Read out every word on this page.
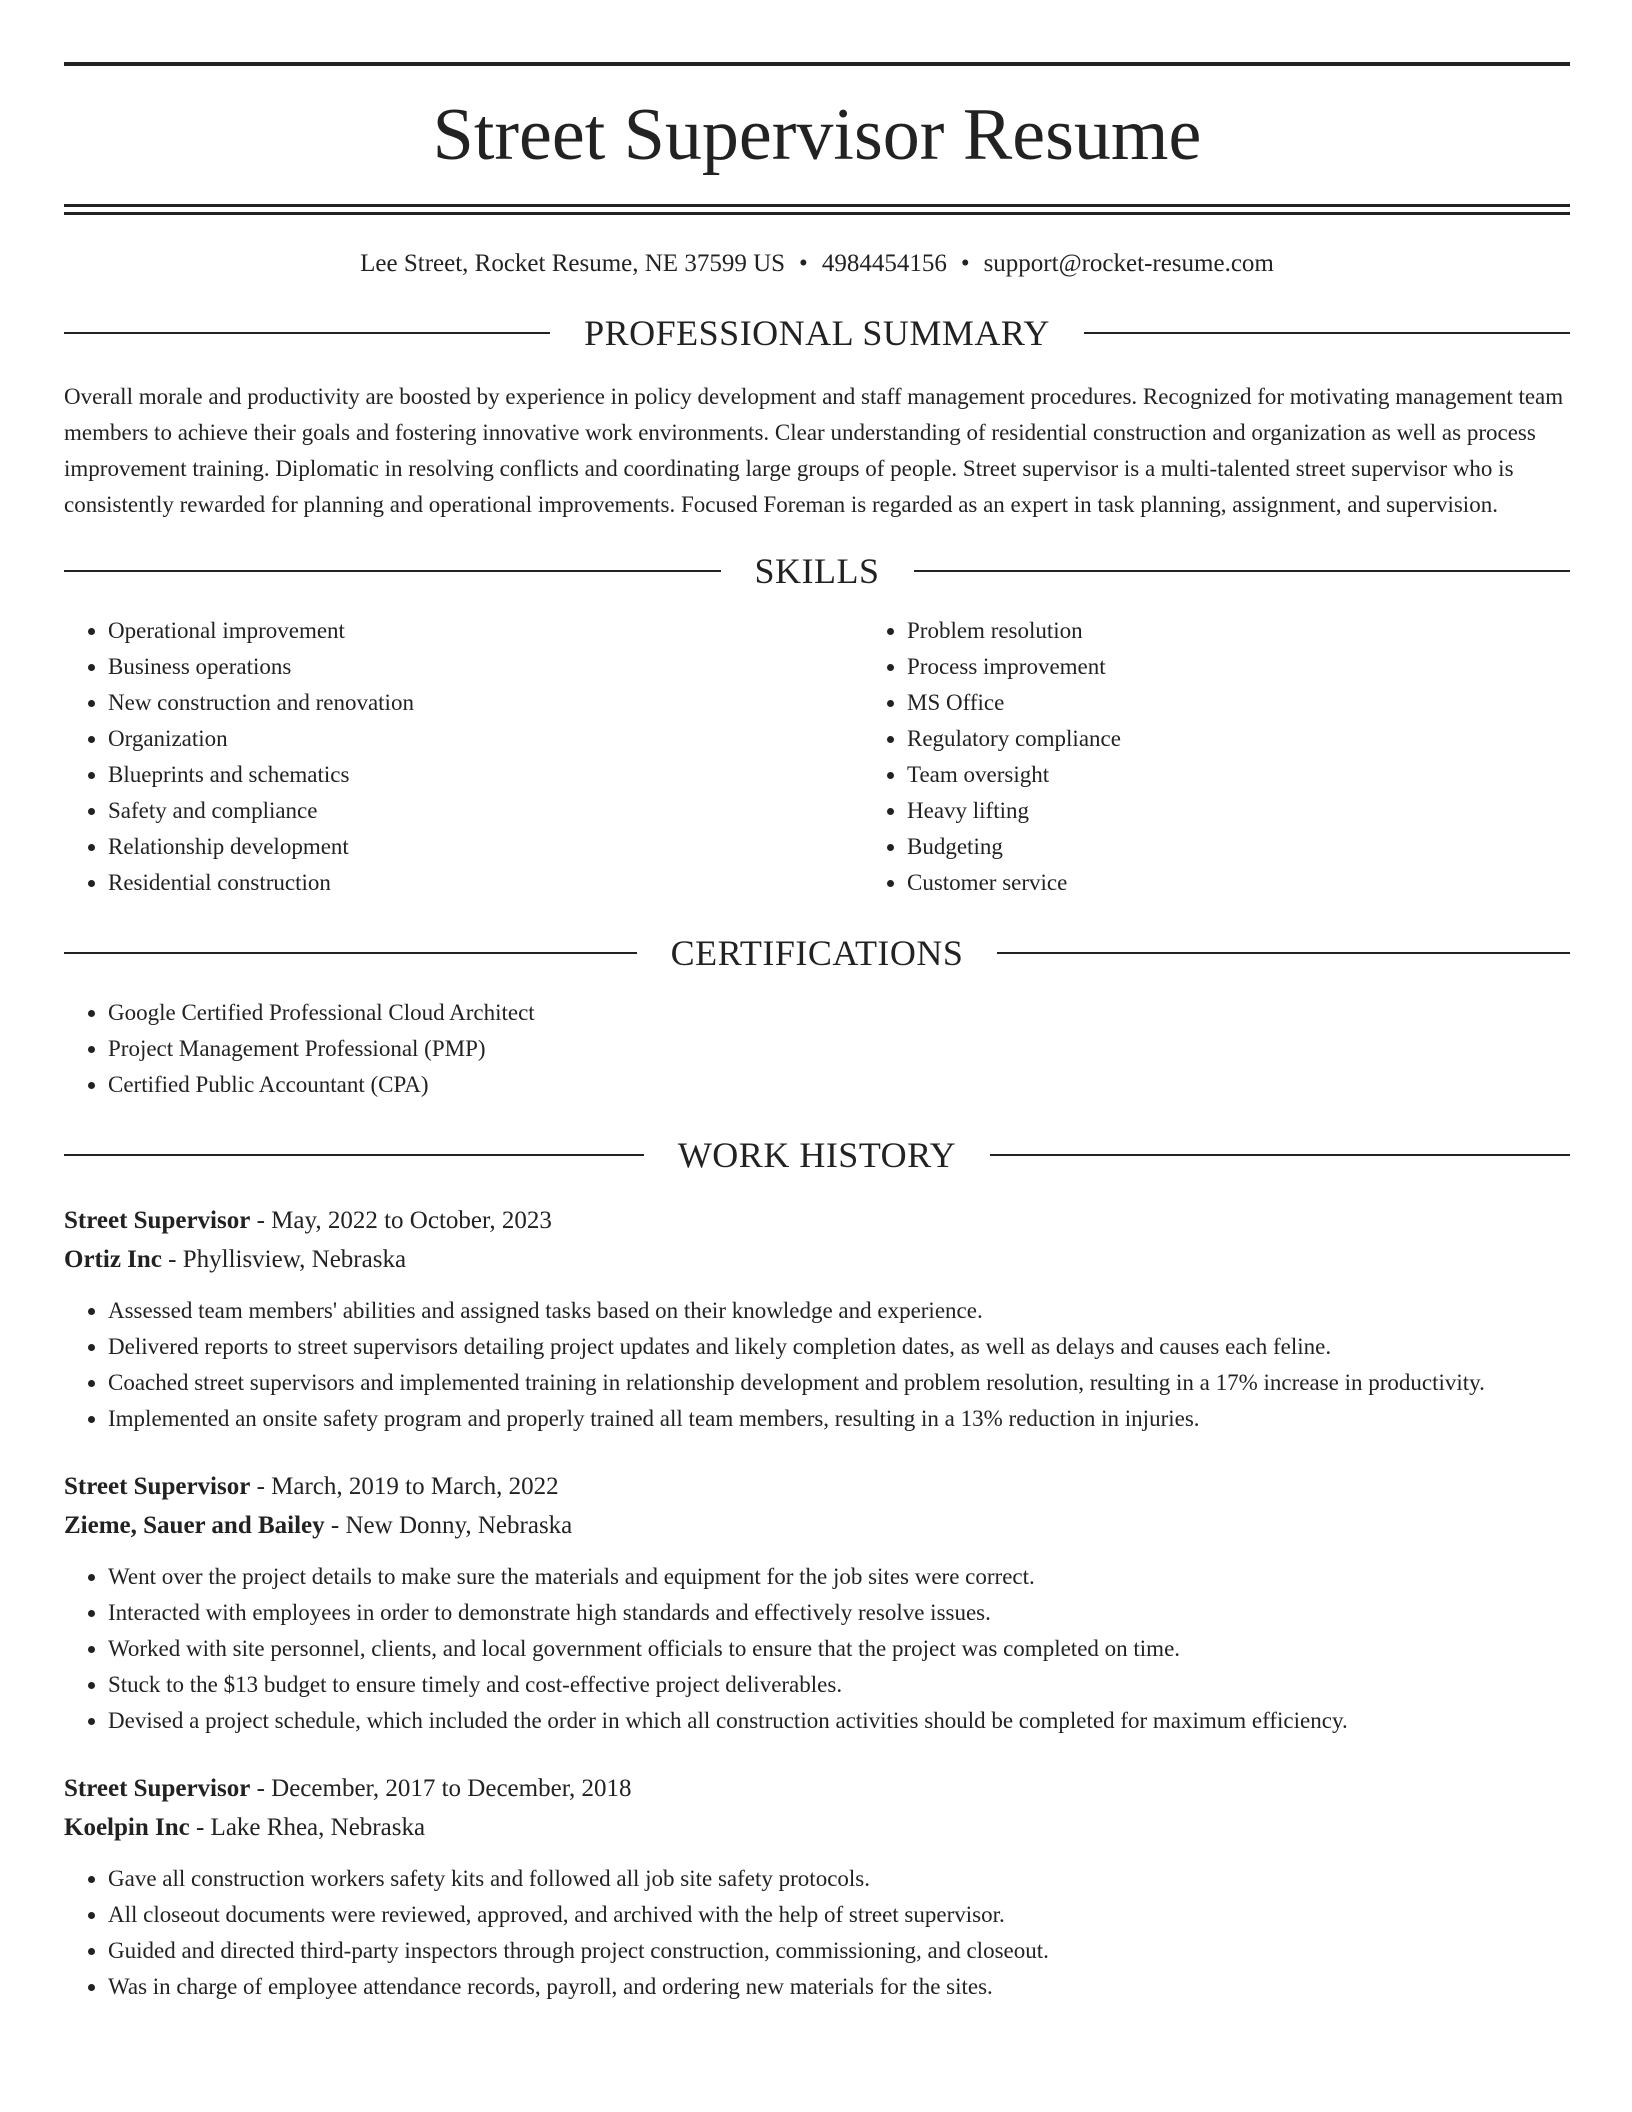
Street Supervisor Resume
Lee Street, Rocket Resume, NE 37599 US • 4984454156 • support@rocket-resume.com
PROFESSIONAL SUMMARY

Overall morale and productivity are boosted by experience in policy development and staff management procedures. Recognized for motivating management team members to achieve their goals and fostering innovative work environments. Clear understanding of residential construction and organization as well as process improvement training. Diplomatic in resolving conflicts and coordinating large groups of people. Street supervisor is a multi-talented street supervisor who is consistently rewarded for planning and operational improvements. Focused Foreman is regarded as an expert in task planning, assignment, and supervision.

SKILLS
• Operational improvement
• Business operations
• New construction and renovation
• Organization
• Blueprints and schematics
• Safety and compliance
• Relationship development
• Residential construction
• Problem resolution
• Process improvement
• MS Office
• Regulatory compliance
• Team oversight
• Heavy lifting
• Budgeting
• Customer service
CERTIFICATIONS
• Google Certified Professional Cloud Architect
• Project Management Professional (PMP)
• Certified Public Accountant (CPA)
WORK HISTORY
Street Supervisor - May, 2022 to October, 2023
Ortiz Inc - Phyllisview, Nebraska
• Assessed team members' abilities and assigned tasks based on their knowledge and experience.
• Delivered reports to street supervisors detailing project updates and likely completion dates, as well as delays and causes each feline.
• Coached street supervisors and implemented training in relationship development and problem resolution, resulting in a 17% increase in productivity.
• Implemented an onsite safety program and properly trained all team members, resulting in a 13% reduction in injuries.
Street Supervisor - March, 2019 to March, 2022
Zieme, Sauer and Bailey - New Donny, Nebraska
• Went over the project details to make sure the materials and equipment for the job sites were correct.
• Interacted with employees in order to demonstrate high standards and effectively resolve issues.
• Worked with site personnel, clients, and local government officials to ensure that the project was completed on time.
• Stuck to the $13 budget to ensure timely and cost-effective project deliverables.
• Devised a project schedule, which included the order in which all construction activities should be completed for maximum efficiency.
Street Supervisor - December, 2017 to December, 2018
Koelpin Inc - Lake Rhea, Nebraska
• Gave all construction workers safety kits and followed all job site safety protocols.
• All closeout documents were reviewed, approved, and archived with the help of street supervisor.
• Guided and directed third-party inspectors through project construction, commissioning, and closeout.
• Was in charge of employee attendance records, payroll, and ordering new materials for the sites.
